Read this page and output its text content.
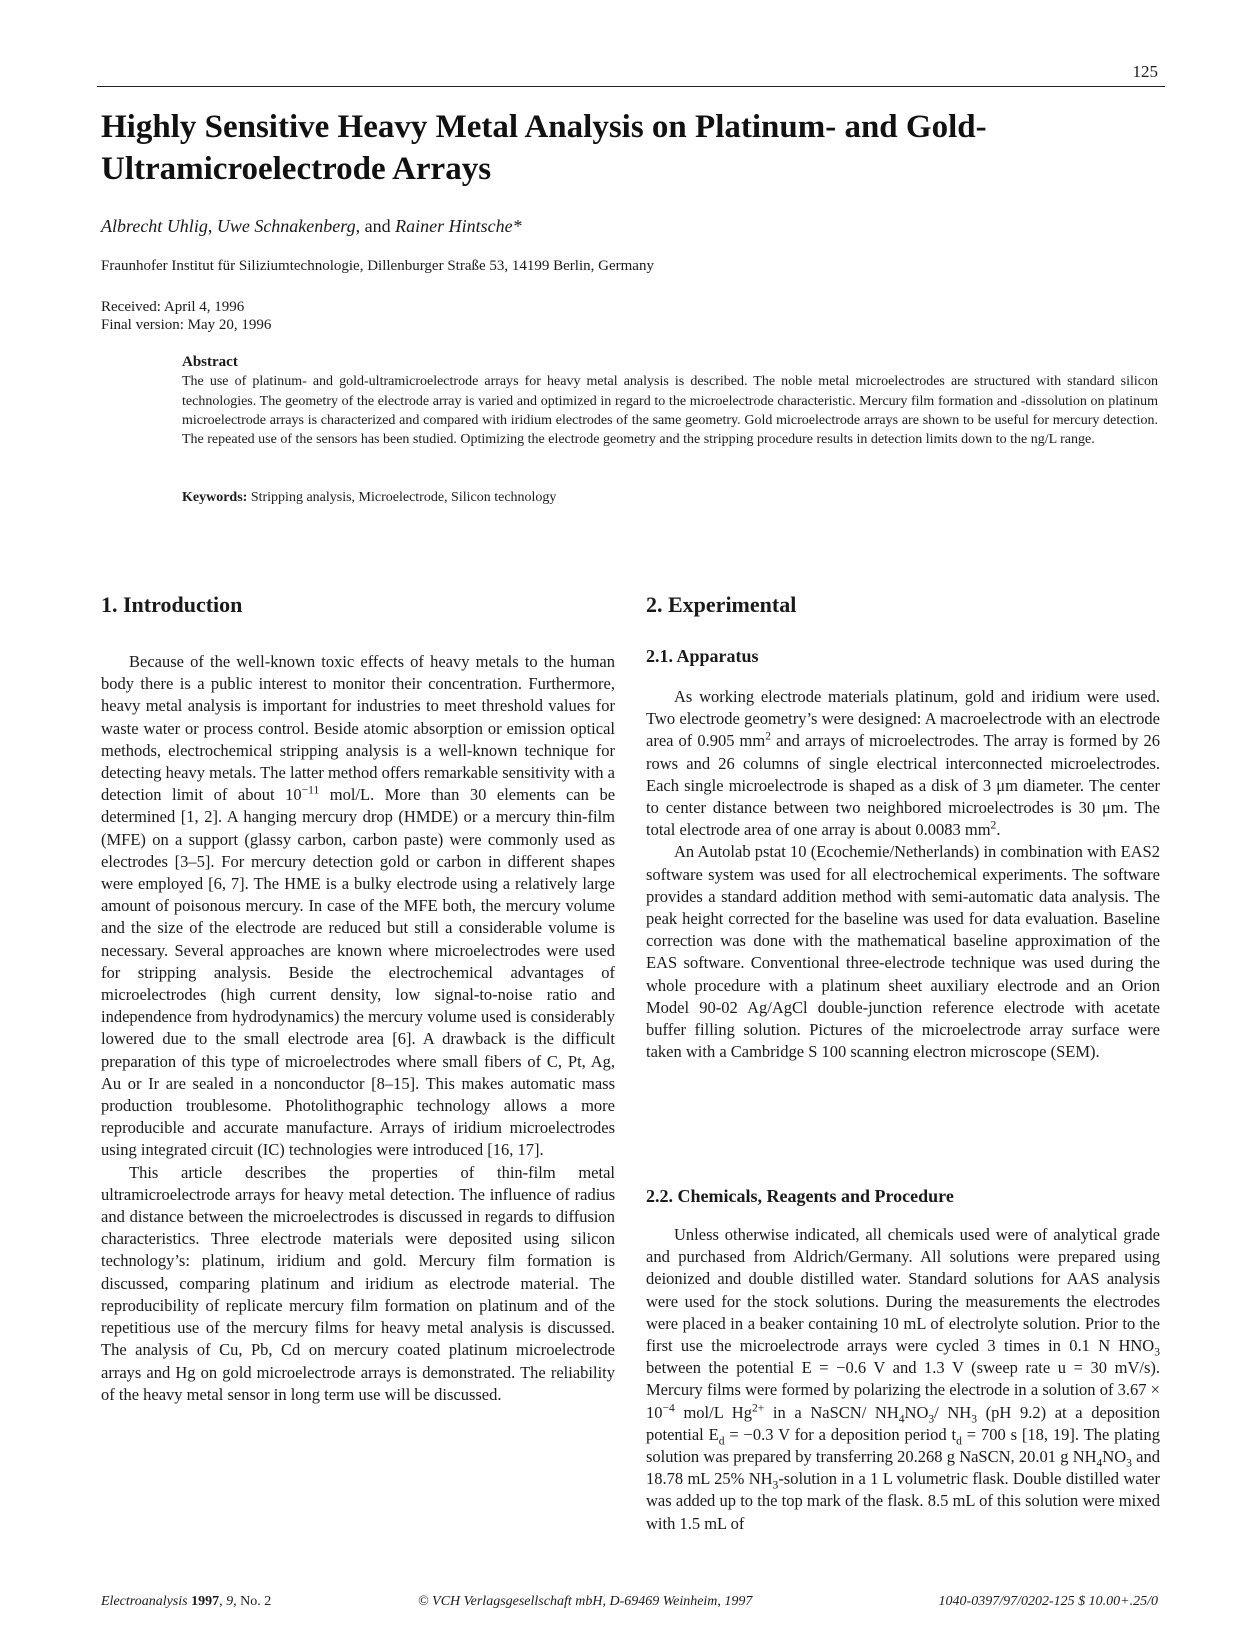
125
Highly Sensitive Heavy Metal Analysis on Platinum- and Gold-Ultramicroelectrode Arrays
Albrecht Uhlig, Uwe Schnakenberg, and Rainer Hintsche*
Fraunhofer Institut für Siliziumtechnologie, Dillenburger Straße 53, 14199 Berlin, Germany
Received: April 4, 1996
Final version: May 20, 1996
Abstract
The use of platinum- and gold-ultramicroelectrode arrays for heavy metal analysis is described. The noble metal microelectrodes are structured with standard silicon technologies. The geometry of the electrode array is varied and optimized in regard to the microelectrode characteristic. Mercury film formation and -dissolution on platinum microelectrode arrays is characterized and compared with iridium electrodes of the same geometry. Gold microelectrode arrays are shown to be useful for mercury detection. The repeated use of the sensors has been studied. Optimizing the electrode geometry and the stripping procedure results in detection limits down to the ng/L range.
Keywords: Stripping analysis, Microelectrode, Silicon technology
1. Introduction

Because of the well-known toxic effects of heavy metals to the human body there is a public interest to monitor their concentration. Furthermore, heavy metal analysis is important for industries to meet threshold values for waste water or process control. Beside atomic absorption or emission optical methods, electrochemical stripping analysis is a well-known technique for detecting heavy metals. The latter method offers remarkable sensitivity with a detection limit of about $10^{-11}$ mol/L. More than 30 elements can be determined [1, 2]. A hanging mercury drop (HMDE) or a mercury thin-film (MFE) on a support (glassy carbon, carbon paste) were commonly used as electrodes [3–5]. For mercury detection gold or carbon in different shapes were employed [6, 7]. The HME is a bulky electrode using a relatively large amount of poisonous mercury. In case of the MFE both, the mercury volume and the size of the electrode are reduced but still a considerable volume is necessary. Several approaches are known where microelectrodes were used for stripping analysis. Beside the electrochemical advantages of microelectrodes (high current density, low signal-to-noise ratio and independence from hydrodynamics) the mercury volume used is considerably lowered due to the small electrode area [6]. A drawback is the difficult preparation of this type of microelectrodes where small fibers of C, Pt, Ag, Au or Ir are sealed in a nonconductor [8–15]. This makes automatic mass production troublesome. Photolithographic technology allows a more reproducible and accurate manufacture. Arrays of iridium microelectrodes using integrated circuit (IC) technologies were introduced [16, 17].

This article describes the properties of thin-film metal ultramicroelectrode arrays for heavy metal detection. The influence of radius and distance between the microelectrodes is discussed in regards to diffusion characteristics. Three electrode materials were deposited using silicon technology’s: platinum, iridium and gold. Mercury film formation is discussed, comparing platinum and iridium as electrode material. The reproducibility of replicate mercury film formation on platinum and of the repetitious use of the mercury films for heavy metal analysis is discussed. The analysis of Cu, Pb, Cd on mercury coated platinum microelectrode arrays and Hg on gold microelectrode arrays is demonstrated. The reliability of the heavy metal sensor in long term use will be discussed.

2. Experimental
2.1. Apparatus

As working electrode materials platinum, gold and iridium were used. Two electrode geometry’s were designed: A macroelectrode with an electrode area of 0.905 $mm^2$ and arrays of microelectrodes. The array is formed by 26 rows and 26 columns of single electrical interconnected microelectrodes. Each single microelectrode is shaped as a disk of 3 μm diameter. The center to center distance between two neighbored microelectrodes is 30 μm. The total electrode area of one array is about 0.0083 $mm^2$.

An Autolab pstat 10 (Ecochemie/Netherlands) in combination with EAS2 software system was used for all electrochemical experiments. The software provides a standard addition method with semi-automatic data analysis. The peak height corrected for the baseline was used for data evaluation. Baseline correction was done with the mathematical baseline approximation of the EAS software. Conventional three-electrode technique was used during the whole procedure with a platinum sheet auxiliary electrode and an Orion Model 90-02 Ag/AgCl double-junction reference electrode with acetate buffer filling solution. Pictures of the microelectrode array surface were taken with a Cambridge S 100 scanning electron microscope (SEM).

2.2. Chemicals, Reagents and Procedure

Unless otherwise indicated, all chemicals used were of analytical grade and purchased from Aldrich/Germany. All solutions were prepared using deionized and double distilled water. Standard solutions for AAS analysis were used for the stock solutions. During the measurements the electrodes were placed in a beaker containing 10 mL of electrolyte solution. Prior to the first use the microelectrode arrays were cycled 3 times in 0.1 N $HNO_3$ between the potential E = −0.6 V and 1.3 V (sweep rate u = 30 mV/s). Mercury films were formed by polarizing the electrode in a solution of $3.67 \times 10^{-4}$ mol/L $Hg^{2+}$ in a NaSCN/ $NH_4NO_3/$ $NH_3$ (pH 9.2) at a deposition potential $E_d = -0.3$ V for a deposition period $t_d = 700$ s [18, 19]. The plating solution was prepared by transferring 20.268 g NaSCN, 20.01 g $NH_4NO_3$ and 18.78 mL 25% $NH_3$-solution in a 1 L volumetric flask. Double distilled water was added up to the top mark of the flask. 8.5 mL of this solution were mixed with 1.5 mL of

Electroanalysis 1997, 9, No. 2	© VCH Verlagsgesellschaft mbH, D-69469 Weinheim, 1997	1040-0397/97/0202-125 $ 10.00+.25/0
